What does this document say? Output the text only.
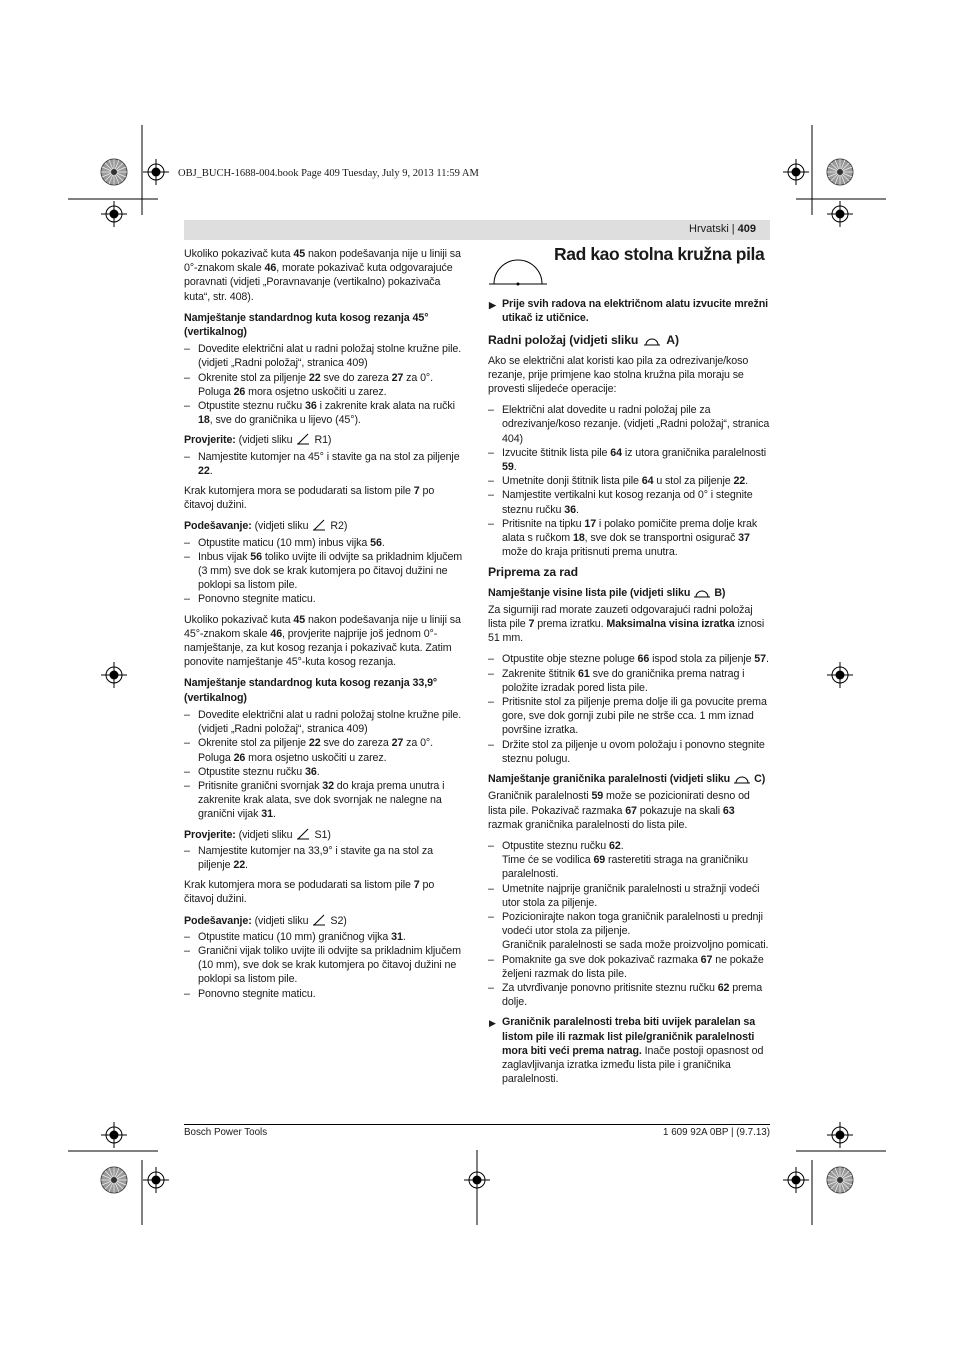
OBJ_BUCH-1688-004.book Page 409 Tuesday, July 9, 2013 11:59 AM
Hrvatski | 409
Ukoliko pokazivač kuta 45 nakon podešavanja nije u liniji sa 0°-znakom skale 46, morate pokazivač kuta odgovarajuće poravnati (vidjeti „Poravnavanje (vertikalno) pokazivača kuta“, str. 408).
Namještanje standardnog kuta kosog rezanja 45° (vertikalnog)
– Dovedite električni alat u radni položaj stolne kružne pile. (vidjeti „Radni položaj“, stranica 409)
– Okrenite stol za piljenje 22 sve do zareza 27 za 0°. Poluga 26 mora osjetno uskočiti u zarez.
– Otpustite steznu ručku 36 i zakrenite krak alata na ručki 18, sve do graničnika u lijevo (45°).
Provjerite: (vidjeti sliku R1)
– Namjestite kutomjer na 45° i stavite ga na stol za piljenje 22.
Krak kutomjera mora se podudarati sa listom pile 7 po čitavoj dužini.
Podešavanje: (vidjeti sliku R2)
– Otpustite maticu (10 mm) inbus vijka 56.
– Inbus vijak 56 toliko uvijte ili odvijte sa prikladnim ključem (3 mm) sve dok se krak kutomjera po čitavoj dužini ne poklopi sa listom pile.
– Ponovno stegnite maticu.
Ukoliko pokazivač kuta 45 nakon podešavanja nije u liniji sa 45°-znakom skale 46, provjerite najprije još jednom 0°-namještanje, za kut kosog rezanja i pokazivač kuta. Zatim ponovite namještanje 45°-kuta kosog rezanja.
Namještanje standardnog kuta kosog rezanja 33,9° (vertikalnog)
– Dovedite električni alat u radni položaj stolne kružne pile. (vidjeti „Radni položaj“, stranica 409)
– Okrenite stol za piljenje 22 sve do zareza 27 za 0°. Poluga 26 mora osjetno uskočiti u zarez.
– Otpustite steznu ručku 36.
– Pritisnite granični svornjak 32 do kraja prema unutra i zakrenite krak alata, sve dok svornjak ne nalegne na granični vijak 31.
Provjerite: (vidjeti sliku S1)
– Namjestite kutomjer na 33,9° i stavite ga na stol za piljenje 22.
Krak kutomjera mora se podudarati sa listom pile 7 po čitavoj dužini.
Podešavanje: (vidjeti sliku S2)
– Otpustite maticu (10 mm) graničnog vijka 31.
– Granični vijak toliko uvijte ili odvijte sa prikladnim ključem (10 mm), sve dok se krak kutomjera po čitavoj dužini ne poklopi sa listom pile.
– Ponovno stegnite maticu.
Rad kao stolna kružna pila
▶ Prije svih radova na električnom alatu izvucite mrežni utikač iz utičnice.
Radni položaj (vidjeti sliku A)
Ako se električni alat koristi kao pila za odrezivanje/koso rezanje, prije primjene kao stolna kružna pila moraju se provesti slijedeće operacije:
– Električni alat dovedite u radni položaj pile za odrezivanje/koso rezanje. (vidjeti „Radni položaj“, stranica 404)
– Izvucite štitnik lista pile 64 iz utora graničnika paralelnosti 59.
– Umetnite donji štitnik lista pile 64 u stol za piljenje 22.
– Namjestite vertikalni kut kosog rezanja od 0° i stegnite steznu ručku 36.
– Pritisnite na tipku 17 i polako pomičite prema dolje krak alata s ručkom 18, sve dok se transportni osigurač 37 može do kraja pritisnuti prema unutra.
Priprema za rad
Namještanje visine lista pile (vidjeti sliku B)
Za sigurniji rad morate zauzeti odgovarajući radni položaj lista pile 7 prema izratku. Maksimalna visina izratka iznosi 51 mm.
– Otpustite obje stezne poluge 66 ispod stola za piljenje 57.
– Zakrenite štitnik 61 sve do graničnika prema natrag i položite izradak pored lista pile.
– Pritisnite stol za piljenje prema dolje ili ga povucite prema gore, sve dok gornji zubi pile ne strše cca. 1 mm iznad površine izratka.
– Držite stol za piljenje u ovom položaju i ponovno stegnite steznu polugu.
Namještanje graničnika paralelnosti (vidjeti sliku C)
Graničnik paralelnosti 59 može se pozicionirati desno od lista pile. Pokazivač razmaka 67 pokazuje na skali 63 razmak graničnika paralelnosti do lista pile.
– Otpustite steznu ručku 62.
Time će se vodilica 69 rasteretiti straga na graničniku paralelnosti.
– Umetnite najprije graničnik paralelnosti u stražnji vodeći utor stola za piljenje.
– Pozicionirajte nakon toga graničnik paralelnosti u prednji vodeći utor stola za piljenje.
Graničnik paralelnosti se sada može proizvoljno pomicati.
– Pomaknite ga sve dok pokazivač razmaka 67 ne pokaže željeni razmak do lista pile.
– Za utvrđivanje ponovno pritisnite steznu ručku 62 prema dolje.
▶ Graničnik paralelnosti treba biti uvijek paralelan sa listom pile ili razmak list pile/graničnik paralelnosti mora biti veći prema natrag. Inače postoji opasnost od zaglavljivanja izratka između lista pile i graničnika paralelnosti.
Bosch Power Tools	1 609 92A 0BP | (9.7.13)
